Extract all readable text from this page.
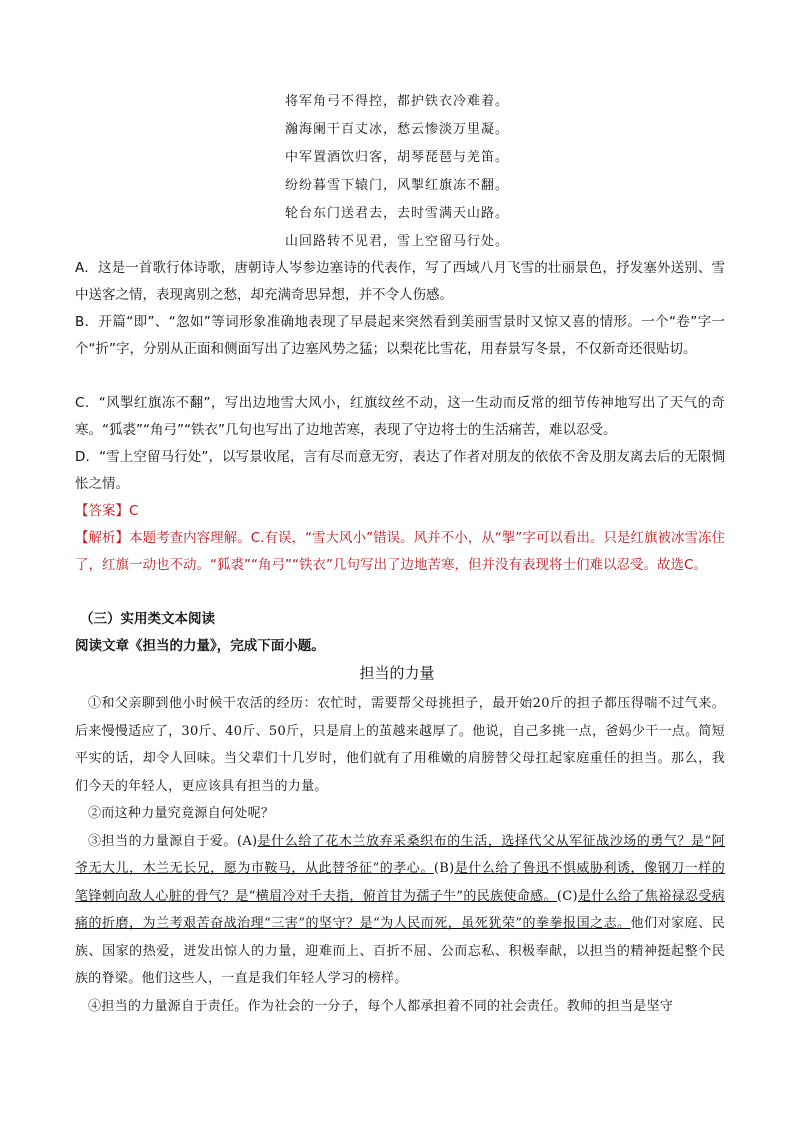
将军角弓不得控，都护铁衣冷难着。
瀚海阑干百丈冰，愁云惨淡万里凝。
中军置酒饮归客，胡琴琵琶与羌笛。
纷纷暮雪下辕门，风掣红旗冻不翻。
轮台东门送君去，去时雪满天山路。
山回路转不见君，雪上空留马行处。
A．这是一首歌行体诗歌，唐朝诗人岑参边塞诗的代表作，写了西域八月飞雪的壮丽景色，抒发塞外送别、雪中送客之情，表现离别之愁，却充满奇思异想，并不令人伤感。
B．开篇“即”、“忽如”等词形象准确地表现了早晨起来突然看到美丽雪景时又惊又喜的情形。一个“卷”字一个“折”字，分别从正面和侧面写出了边塞风势之猛；以梨花比雪花，用春景写冬景，不仅新奇还很贴切。
C．“风掣红旗冻不翻”，写出边地雪大风小，红旗纹丝不动，这一生动而反常的细节传神地写出了天气的奇寒。“狐裘”“角弓”“铁衣”几句也写出了边地苦寒，表现了守边将士的生活痛苦，难以忍受。
D．“雪上空留马行处”，以写景收尾，言有尽而意无穷，表达了作者对朋友的依依不舍及朋友离去后的无限惆怅之情。
【答案】C
【解析】本题考查内容理解。C.有误，“雪大风小”错误。风并不小，从“掣”字可以看出。只是红旗被冰雪冻住了，红旗一动也不动。“狐裘”“角弓”“铁衣”几句写出了边地苦寒，但并没有表现将士们难以忍受。故选C。
（三）实用类文本阅读
阅读文章《担当的力量》，完成下面小题。
担当的力量

①和父亲聊到他小时候干农活的经历：农忙时，需要帮父母挑担子，最开始20斤的担子都压得喘不过气来。后来慢慢适应了，30斤、40斤、50斤，只是肩上的茧越来越厚了。他说，自己多挑一点，爸妈少干一点。简短平实的话，却令人回味。当父辈们十几岁时，他们就有了用稚嫩的肩膀替父母扛起家庭重任的担当。那么，我们今天的年轻人，更应该具有担当的力量。

②而这种力量究竟源自何处呢？

③担当的力量源自于爱。(A)是什么给了花木兰放弃采桑织布的生活，选择代父从军征战沙场的勇气？是“阿爷无大儿，木兰无长兄，愿为市鞍马，从此替爷征”的孝心。(B)是什么给了鲁迅不惧威胁利诱，像钢刀一样的笔锋刺向敌人心脏的骨气？是“横眉冷对千夫指，俯首甘为孺子牛”的民族使命感。(C)是什么给了焦裕禄忍受病痛的折磨，为兰考艰苦奋战治理“三害”的坚守？是“为人民而死，虽死犹荣”的拳拳报国之志。他们对家庭、民族、国家的热爱，迸发出惊人的力量，迎难而上、百折不屈、公而忘私、积极奉献，以担当的精神挺起整个民族的脊梁。他们这些人，一直是我们年轻人学习的榜样。

④担当的力量源自于责任。作为社会的一分子，每个人都承担着不同的社会责任。教师的担当是坚守
